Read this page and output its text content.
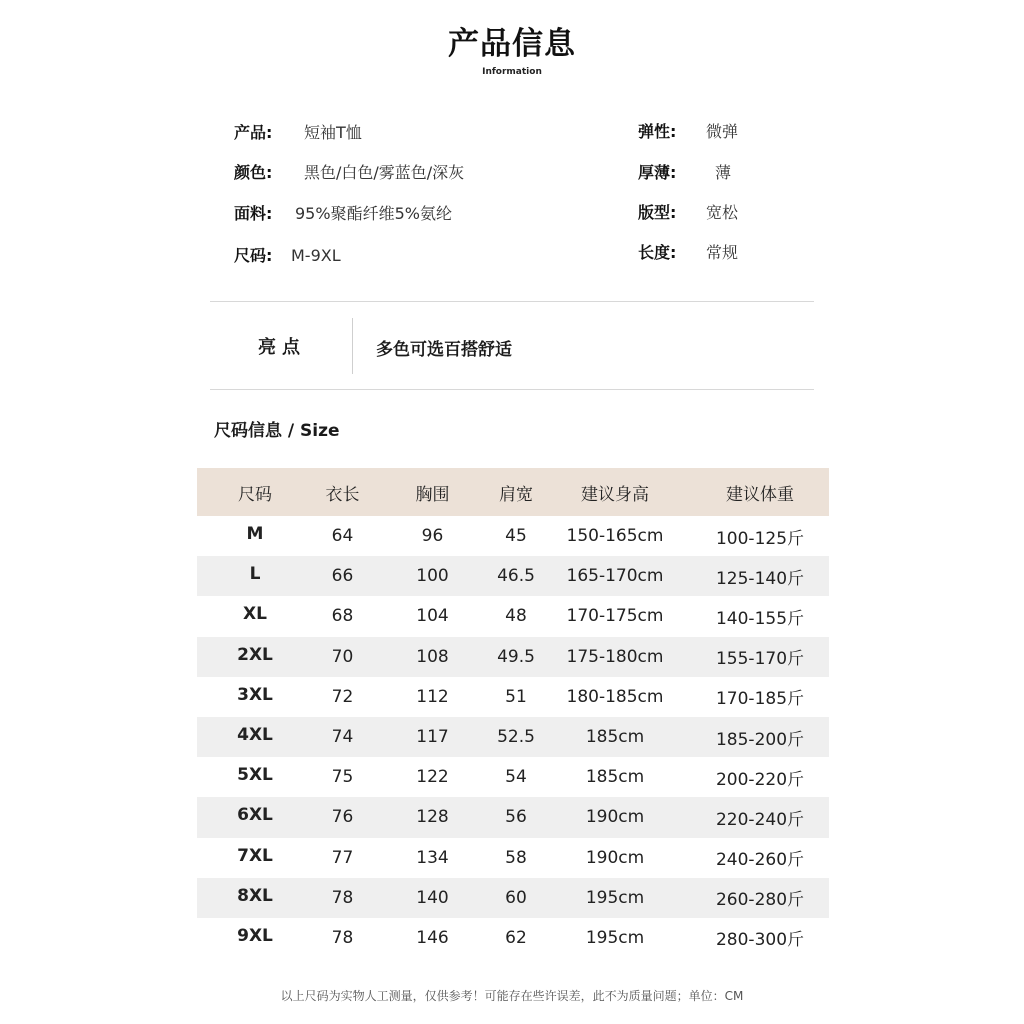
产品信息
Information
产品: 短袖T恤
颜色: 黑色/白色/雾蓝色/深灰
面料: 95%聚酯纤维5%氨纶
尺码: M-9XL
弹性: 微弹
厚薄: 薄
版型: 宽松
长度: 常规
亮点	多色可选百搭舒适
尺码信息 / Size
尺码	衣长	胸围	肩宽	建议身高	建议体重
M	64	96	45	150-165cm	100-125斤
L	66	100	46.5	165-170cm	125-140斤
XL	68	104	48	170-175cm	140-155斤
2XL	70	108	49.5	175-180cm	155-170斤
3XL	72	112	51	180-185cm	170-185斤
4XL	74	117	52.5	185cm	185-200斤
5XL	75	122	54	185cm	200-220斤
6XL	76	128	56	190cm	220-240斤
7XL	77	134	58	190cm	240-260斤
8XL	78	140	60	195cm	260-280斤
9XL	78	146	62	195cm	280-300斤
以上尺码为实物人工测量，仅供参考！可能存在些许误差，此不为质量问题；单位：CM
